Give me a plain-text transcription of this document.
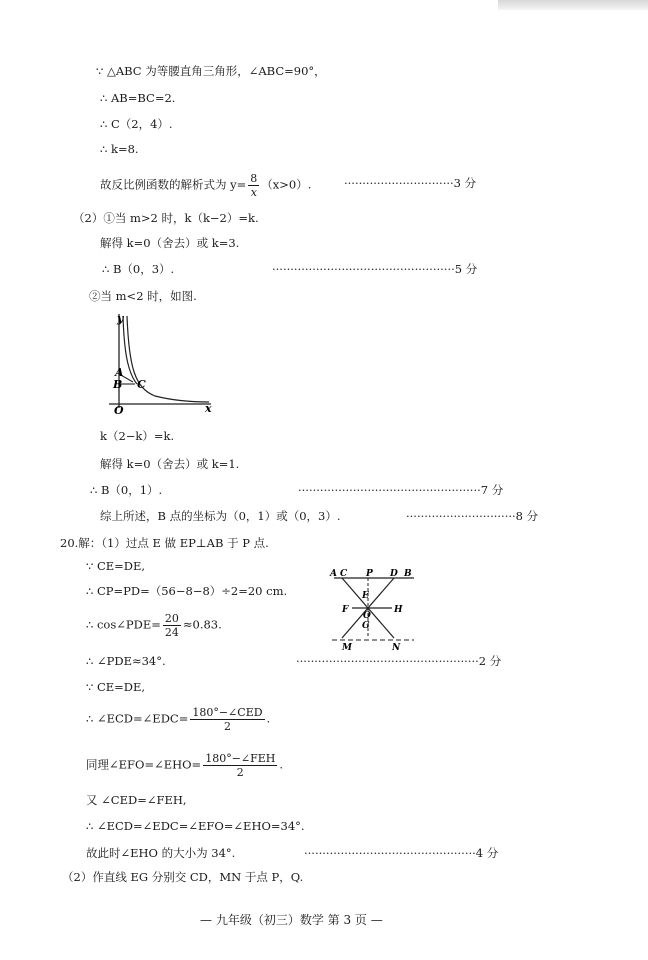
∵ △ABC 为等腰直角三角形，∠ABC=90°，
∴ AB=BC=2.
∴ C（2，4）.
∴ k=8.
故反比例函数的解析式为 $y= \frac{8}{x} (x>0)$.	······························3 分
（2）①当 m>2 时，k（k−2）=k.
解得 k=0（舍去）或 k=3.
∴ B（0，3）.	··················································5 分
②当 m<2 时，如图.
y
A
B C
O	x
k（2−k）=k.
解得 k=0（舍去）或 k=1.
∴ B（0，1）.	··················································7 分
综上所述，B 点的坐标为（0，1）或（0，3）.	······························8 分
20.解：（1）过点 E 做 EP⊥AB 于 P 点.
∵ CE=DE,
∴ CP=PD=（56−8−8）÷2=20 cm.
A C P D B
E
F
O
H
G
M	N
∴ cos∠PDE= $\frac{20}{24} \approx 0.83$.
∴ ∠PDE≈34°.	··················································2 分
∵ CE=DE,
∴ ∠ECD=∠EDC= $\frac{\text{180°−∠CED}}{2}$ .
同理∠EFO=∠EHO= $\frac{\text{180°−∠FEH}}{2}$ .
又 ∠CED=∠FEH,
∴ ∠ECD=∠EDC=∠EFO=∠EHO=34°.
故此时∠EHO 的大小为 34°.	···············································4 分
（2）作直线 EG 分别交 CD，MN 于点 P，Q.
— 九年级（初三）数学 第 3 页 —
